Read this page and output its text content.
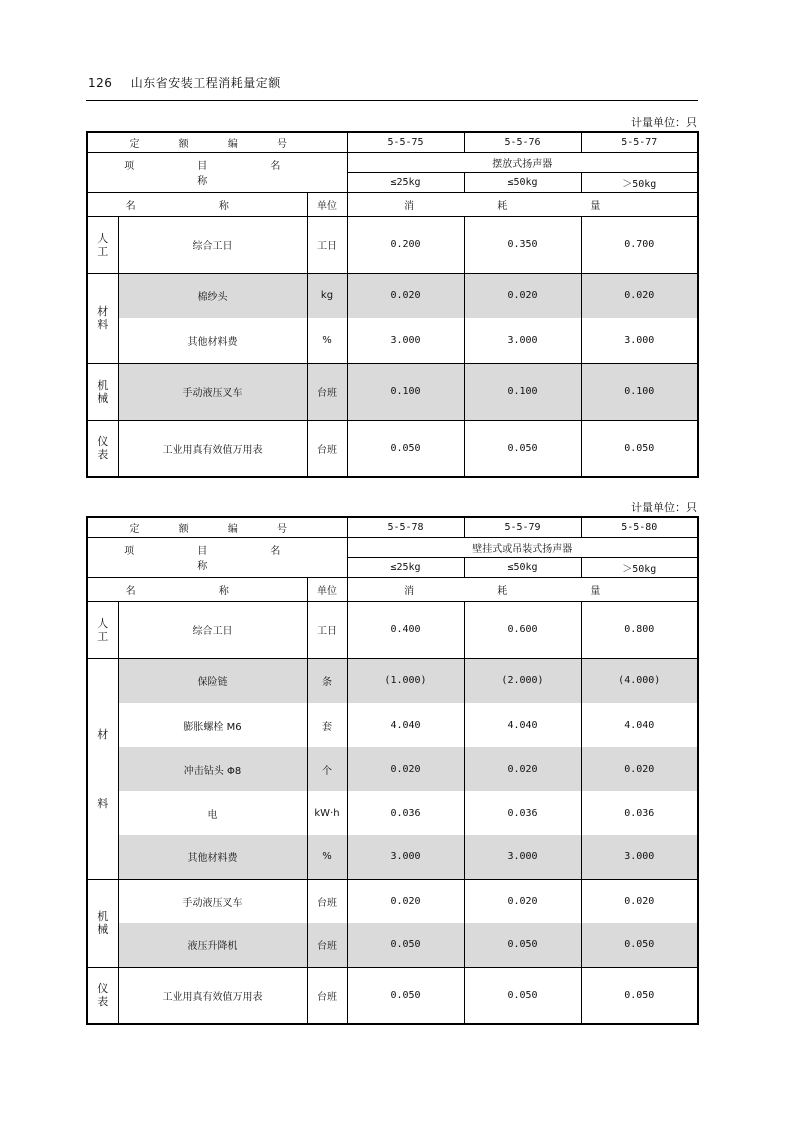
126 山东省安装工程消耗量定额
计量单位：只
定 额 编 号			5-5-75	5-5-76	5-5-77
项 目 名 称			摆放式扬声器		
			≤25kg	≤50kg	＞50kg
名 称		单位	消 耗 量		
人
工	综合工日	工日	0.200	0.350	0.700
材
料	棉纱头	kg	0.020	0.020	0.020
	其他材料费	%	3.000	3.000	3.000
机
械	手动液压叉车	台班	0.100	0.100	0.100
仪
表	工业用真有效值万用表	台班	0.050	0.050	0.050
计量单位：只
定 额 编 号			5-5-78	5-5-79	5-5-80
项 目 名 称			壁挂式或吊装式扬声器		
			≤25kg	≤50kg	＞50kg
名 称		单位	消 耗 量		
人
工	综合工日	工日	0.400	0.600	0.800

材
料	保险链	条	(1.000)	(2.000)	(4.000)
	膨胀螺栓 M6	套	4.040	4.040	4.040
	冲击钻头 Φ8	个	0.020	0.020	0.020
	电	kW·h	0.036	0.036	0.036
	其他材料费	%	3.000	3.000	3.000
机
械	手动液压叉车	台班	0.020	0.020	0.020
	液压升降机	台班	0.050	0.050	0.050
仪
表	工业用真有效值万用表	台班	0.050	0.050	0.050
